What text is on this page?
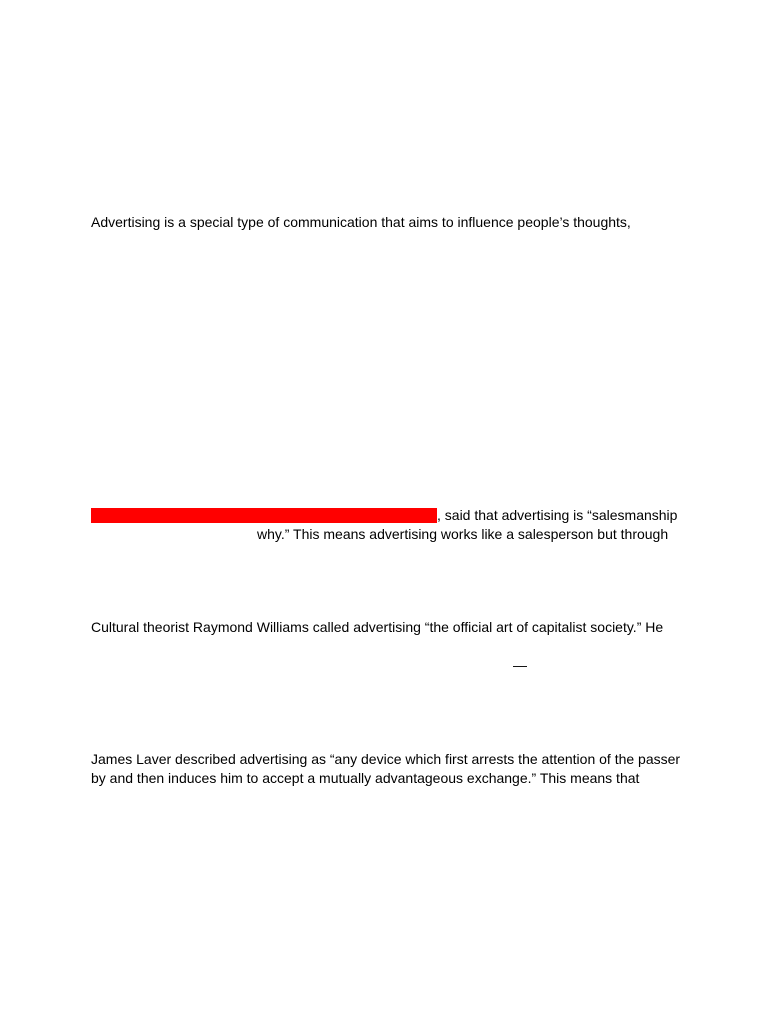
Advertising is a special type of communication that aims to influence people’s thoughts,
, said that advertising is “salesmanship
why.” This means advertising works like a salesperson but through
Cultural theorist Raymond Williams called advertising “the official art of capitalist society.” He
—
James Laver described advertising as “any device which first arrests the attention of the passer
by and then induces him to accept a mutually advantageous exchange.” This means that
